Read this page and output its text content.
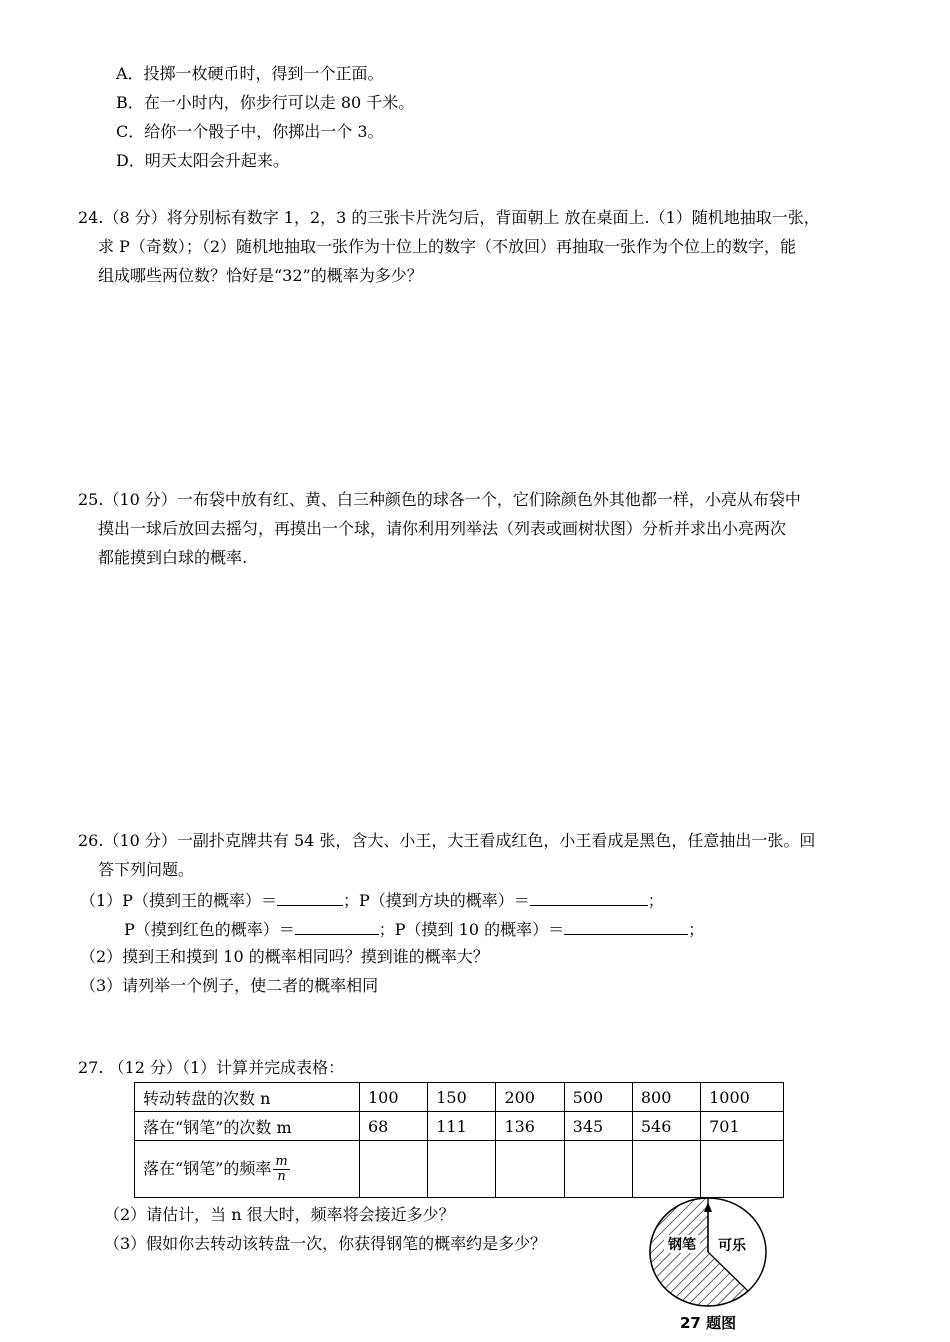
A．投掷一枚硬币时，得到一个正面。
B．在一小时内，你步行可以走 80 千米。
C．给你一个骰子中，你掷出一个 3。
D．明天太阳会升起来。
24.（8 分）将分别标有数字 1，2，3 的三张卡片洗匀后，背面朝上 放在桌面上.（1）随机地抽取一张，
求 P（奇数）；（2）随机地抽取一张作为十位上的数字（不放回）再抽取一张作为个位上的数字，能
组成哪些两位数？恰好是“32”的概率为多少？
25.（10 分）一布袋中放有红、黄、白三种颜色的球各一个，它们除颜色外其他都一样，小亮从布袋中
摸出一球后放回去摇匀，再摸出一个球，请你利用列举法（列表或画树状图）分析并求出小亮两次
都能摸到白球的概率.
26.（10 分）一副扑克牌共有 54 张，含大、小王，大王看成红色，小王看成是黑色，任意抽出一张。回
答下列问题。
（1）P（摸到王的概率）＝	；P（摸到方块的概率）＝	；
P（摸到红色的概率）＝	；P（摸到 10 的概率）＝	；
（2）摸到王和摸到 10 的概率相同吗？摸到谁的概率大？
（3）请列举一个例子，使二者的概率相同
27. （12 分）（1）计算并完成表格：
转动转盘的次数 n	100	150	200	500	800	1000
落在“钢笔”的次数 m	68	111	136	345	546	701
落在“钢笔”的频率 $\frac{m}{n}$

（2）请估计，当 n 很大时，频率将会接近多少？
（3）假如你去转动该转盘一次，你获得钢笔的概率约是多少？	钢笔 可乐
27 题图
